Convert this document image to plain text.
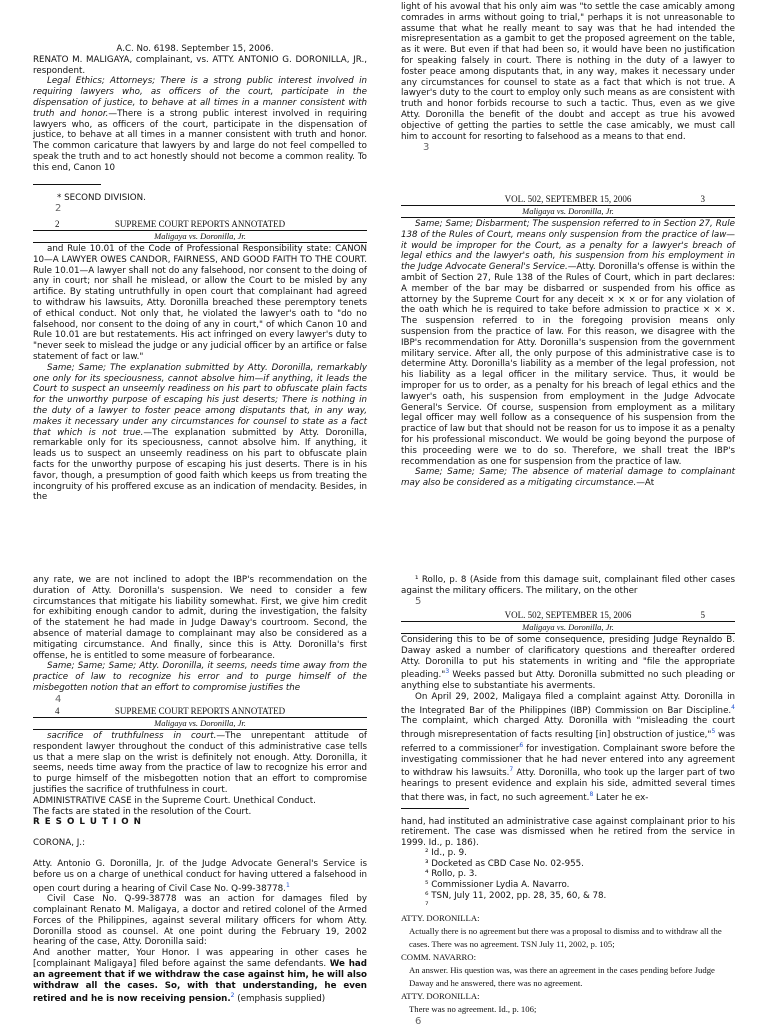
A.C. No. 6198. September 15, 2006.

RENATO M. MALIGAYA, complainant, vs. ATTY. ANTONIO G. DORONILLA, JR., respondent.

Legal Ethics; Attorneys; There is a strong public interest involved in requiring lawyers who, as officers of the court, participate in the dispensation of justice, to behave at all times in a manner consistent with truth and honor.—There is a strong public interest involved in requiring lawyers who, as officers of the court, participate in the dispensation of justice, to behave at all times in a manner consistent with truth and honor. The common caricature that lawyers by and large do not feel compelled to speak the truth and to act honestly should not become a common reality. To this end, Canon 10

* SECOND DIVISION.

2
2	SUPREME COURT REPORTS ANNOTATED
Maligaya vs. Doronilla, Jr.

and Rule 10.01 of the Code of Professional Responsibility state: CANON 10—A LAWYER OWES CANDOR, FAIRNESS, AND GOOD FAITH TO THE COURT. Rule 10.01—A lawyer shall not do any falsehood, nor consent to the doing of any in court; nor shall he mislead, or allow the Court to be misled by any artifice. By stating untruthfully in open court that complainant had agreed to withdraw his lawsuits, Atty. Doronilla breached these peremptory tenets of ethical conduct. Not only that, he violated the lawyer's oath to "do no falsehood, nor consent to the doing of any in court," of which Canon 10 and Rule 10.01 are but restatements. His act infringed on every lawyer's duty to "never seek to mislead the judge or any judicial officer by an artifice or false statement of fact or law."

Same; Same; The explanation submitted by Atty. Doronilla, remarkably one only for its speciousness, cannot absolve him—if anything, it leads the Court to suspect an unseemly readiness on his part to obfuscate plain facts for the unworthy purpose of escaping his just deserts; There is nothing in the duty of a lawyer to foster peace among disputants that, in any way, makes it necessary under any circumstances for counsel to state as a fact that which is not true.—The explanation submitted by Atty. Doronilla, remarkable only for its speciousness, cannot absolve him. If anything, it leads us to suspect an unseemly readiness on his part to obfuscate plain facts for the unworthy purpose of escaping his just deserts. There is in his favor, though, a presumption of good faith which keeps us from treating the incongruity of his proffered excuse as an indication of mendacity. Besides, in the

light of his avowal that his only aim was "to settle the case amicably among comrades in arms without going to trial," perhaps it is not unreasonable to assume that what he really meant to say was that he had intended the misrepresentation as a gambit to get the proposed agreement on the table, as it were. But even if that had been so, it would have been no justification for speaking falsely in court. There is nothing in the duty of a lawyer to foster peace among disputants that, in any way, makes it necessary under any circumstances for counsel to state as a fact that which is not true. A lawyer's duty to the court to employ only such means as are consistent with truth and honor forbids recourse to such a tactic. Thus, even as we give Atty. Doronilla the benefit of the doubt and accept as true his avowed objective of getting the parties to settle the case amicably, we must call him to account for resorting to falsehood as a means to that end.

3
VOL. 502, SEPTEMBER 15, 2006	3
Maligaya vs. Doronilla, Jr.

Same; Same; Disbarment; The suspension referred to in Section 27, Rule 138 of the Rules of Court, means only suspension from the practice of law—it would be improper for the Court, as a penalty for a lawyer's breach of legal ethics and the lawyer's oath, his suspension from his employment in the Judge Advocate General's Service.—Atty. Doronilla's offense is within the ambit of Section 27, Rule 138 of the Rules of Court, which in part declares: A member of the bar may be disbarred or suspended from his office as attorney by the Supreme Court for any deceit × × × or for any violation of the oath which he is required to take before admission to practice × × ×. The suspension referred to in the foregoing provision means only suspension from the practice of law. For this reason, we disagree with the IBP's recommendation for Atty. Doronilla's suspension from the government military service. After all, the only purpose of this administrative case is to determine Atty. Doronilla's liability as a member of the legal profession, not his liability as a legal officer in the military service. Thus, it would be improper for us to order, as a penalty for his breach of legal ethics and the lawyer's oath, his suspension from employment in the Judge Advocate General's Service. Of course, suspension from employment as a military legal officer may well follow as a consequence of his suspension from the practice of law but that should not be reason for us to impose it as a penalty for his professional misconduct. We would be going beyond the purpose of this proceeding were we to do so. Therefore, we shall treat the IBP's recommendation as one for suspension from the practice of law.

Same; Same; Same; The absence of material damage to complainant may also be considered as a mitigating circumstance.—At

any rate, we are not inclined to adopt the IBP's recommendation on the duration of Atty. Doronilla's suspension. We need to consider a few circumstances that mitigate his liability somewhat. First, we give him credit for exhibiting enough candor to admit, during the investigation, the falsity of the statement he had made in Judge Daway's courtroom. Second, the absence of material damage to complainant may also be considered as a mitigating circumstance. And finally, since this is Atty. Doronilla's first offense, he is entitled to some measure of forbearance.

Same; Same; Same; Atty. Doronilla, it seems, needs time away from the practice of law to recognize his error and to purge himself of the misbegotten notion that an effort to compromise justifies the

4
4	SUPREME COURT REPORTS ANNOTATED
Maligaya vs. Doronilla, Jr.

sacrifice of truthfulness in court.—The unrepentant attitude of respondent lawyer throughout the conduct of this administrative case tells us that a mere slap on the wrist is definitely not enough. Atty. Doronilla, it seems, needs time away from the practice of law to recognize his error and to purge himself of the misbegotten notion that an effort to compromise justifies the sacrifice of truthfulness in court.

ADMINISTRATIVE CASE in the Supreme Court. Unethical Conduct.

The facts are stated in the resolution of the Court.

R E S O L U T I O N

CORONA, J.:

Atty. Antonio G. Doronilla, Jr. of the Judge Advocate General's Service is before us on a charge of unethical conduct for having uttered a falsehood in open court during a hearing of Civil Case No. Q-99-38778.$^1$

Civil Case No. Q-99-38778 was an action for damages filed by complainant Renato M. Maligaya, a doctor and retired colonel of the Armed Forces of the Philippines, against several military officers for whom Atty. Doronilla stood as counsel. At one point during the February 19, 2002 hearing of the case, Atty. Doronilla said:

And another matter, Your Honor. I was appearing in other cases he [complainant Maligaya] filed before against the same defendants. We had an agreement that if we withdraw the case against him, he will also withdraw all the cases. So, with that understanding, he even retired and he is now receiving pension.$^2$ (emphasis supplied)

¹ Rollo, p. 8 (Aside from this damage suit, complainant filed other cases against the military officers. The military, on the other

5
VOL. 502, SEPTEMBER 15, 2006	5
Maligaya vs. Doronilla, Jr.

Considering this to be of some consequence, presiding Judge Reynaldo B. Daway asked a number of clarificatory questions and thereafter ordered Atty. Doronilla to put his statements in writing and "file the appropriate pleading."$^3$ Weeks passed but Atty. Doronilla submitted no such pleading or anything else to substantiate his averments.

On April 29, 2002, Maligaya filed a complaint against Atty. Doronilla in the Integrated Bar of the Philippines (IBP) Commission on Bar Discipline.$^4$ The complaint, which charged Atty. Doronilla with "misleading the court through misrepresentation of facts resulting [in] obstruction of justice,"$^5$ was referred to a commissioner$^6$ for investigation. Complainant swore before the investigating commissioner that he had never entered into any agreement to withdraw his lawsuits.$^7$ Atty. Doronilla, who took up the larger part of two hearings to present evidence and explain his side, admitted several times that there was, in fact, no such agreement.$^8$ Later he ex-

hand, had instituted an administrative case against complainant prior to his retirement. The case was dismissed when he retired from the service in 1999. Id., p. 186).

² Id., p. 9.

³ Docketed as CBD Case No. 02-955.

⁴ Rollo, p. 3.

⁵ Commissioner Lydia A. Navarro.

⁶ TSN, July 11, 2002, pp. 28, 35, 60, & 78.

⁷

ATTY. DORONILLA:

Actually there is no agreement but there was a proposal to dismiss and to withdraw all the cases. There was no agreement. TSN July 11, 2002, p. 105;

COMM. NAVARRO:

An answer. His question was, was there an agreement in the cases pending before Judge Daway and he answered, there was no agreement.

ATTY. DORONILLA:

There was no agreement. Id., p. 106;

6
